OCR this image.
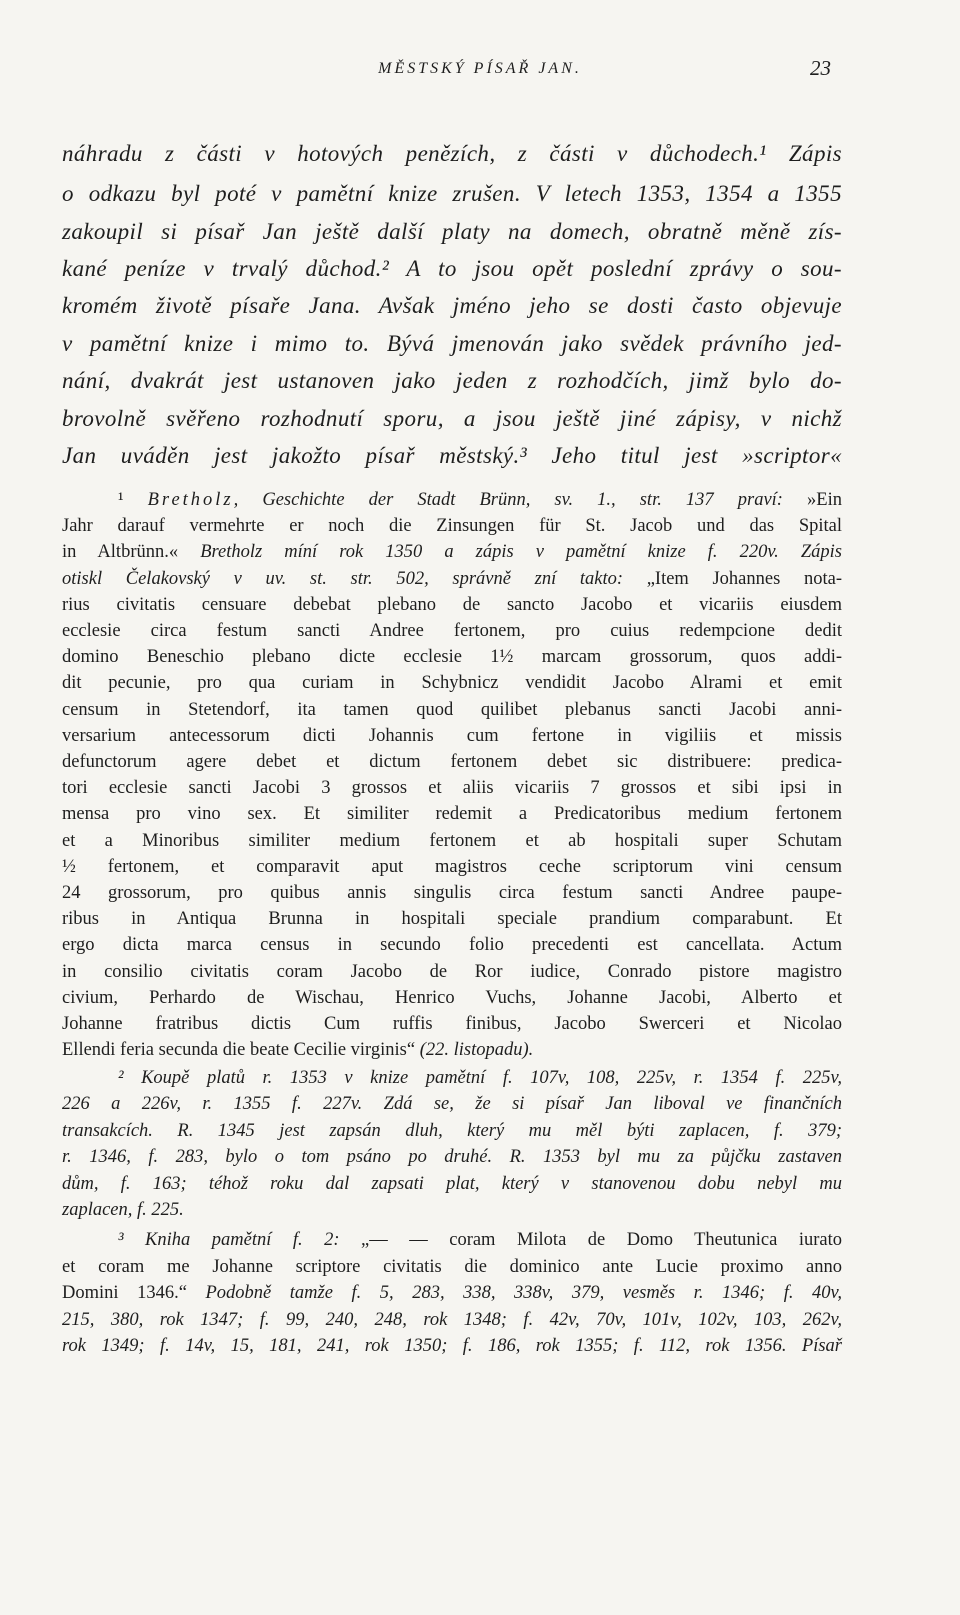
MĚSTSKÝ PÍSAŘ JAN.	23
náhradu z části v hotových penězích, z části v důchodech.¹ Zápis
o odkazu byl poté v pamětní knize zrušen. V letech 1353, 1354 a 1355
zakoupil si písař Jan ještě další platy na domech, obratně měně zís-
kané peníze v trvalý důchod.² A to jsou opět poslední zprávy o sou-
kromém životě písaře Jana. Avšak jméno jeho se dosti často objevuje
v pamětní knize i mimo to. Bývá jmenován jako svědek právního jed-
nání, dvakrát jest ustanoven jako jeden z rozhodčích, jimž bylo do-
brovolně svěřeno rozhodnutí sporu, a jsou ještě jiné zápisy, v nichž
Jan uváděn jest jakožto písař městský.³ Jeho titul jest »scriptor«
¹ Bretholz, Geschichte der Stadt Brünn, sv. 1., str. 137 praví: »Ein
Jahr darauf vermehrte er noch die Zinsungen für St. Jacob und das Spital
in Altbrünn.« Bretholz míní rok 1350 a zápis v pamětní knize f. 220v. Zápis
otiskl Čelakovský v uv. st. str. 502, správně zní takto: „Item Johannes nota-
rius civitatis censuare debebat plebano de sancto Jacobo et vicariis eiusdem
ecclesie circa festum sancti Andree fertonem, pro cuius redempcione dedit
domino Beneschio plebano dicte ecclesie 1½ marcam grossorum, quos addi-
dit pecunie, pro qua curiam in Schybnicz vendidit Jacobo Alrami et emit
censum in Stetendorf, ita tamen quod quilibet plebanus sancti Jacobi anni-
versarium antecessorum dicti Johannis cum fertone in vigiliis et missis
defunctorum agere debet et dictum fertonem debet sic distribuere: predica-
tori ecclesie sancti Jacobi 3 grossos et aliis vicariis 7 grossos et sibi ipsi in
mensa pro vino sex. Et similiter redemit a Predicatoribus medium fertonem
et a Minoribus similiter medium fertonem et ab hospitali super Schutam
½ fertonem, et comparavit aput magistros ceche scriptorum vini censum
24 grossorum, pro quibus annis singulis circa festum sancti Andree paupe-
ribus in Antiqua Brunna in hospitali speciale prandium comparabunt. Et
ergo dicta marca census in secundo folio precedenti est cancellata. Actum
in consilio civitatis coram Jacobo de Ror iudice, Conrado pistore magistro
civium, Perhardo de Wischau, Henrico Vuchs, Johanne Jacobi, Alberto et
Johanne fratribus dictis Cum ruffis finibus, Jacobo Swerceri et Nicolao
Ellendi feria secunda die beate Cecilie virginis“ (22. listopadu).
² Koupě platů r. 1353 v knize pamětní f. 107v, 108, 225v, r. 1354 f. 225v,
226 a 226v, r. 1355 f. 227v. Zdá se, že si písař Jan liboval ve finančních
transakcích. R. 1345 jest zapsán dluh, který mu měl býti zaplacen, f. 379;
r. 1346, f. 283, bylo o tom psáno po druhé. R. 1353 byl mu za půjčku zastaven
dům, f. 163; téhož roku dal zapsati plat, který v stanovenou dobu nebyl mu
zaplacen, f. 225.
³ Kniha pamětní f. 2: „— — coram Milota de Domo Theutunica iurato
et coram me Johanne scriptore civitatis die dominico ante Lucie proximo anno
Domini 1346.“ Podobně tamže f. 5, 283, 338, 338v, 379, vesměs r. 1346; f. 40v,
215, 380, rok 1347; f. 99, 240, 248, rok 1348; f. 42v, 70v, 101v, 102v, 103, 262v,
rok 1349; f. 14v, 15, 181, 241, rok 1350; f. 186, rok 1355; f. 112, rok 1356. Písař
